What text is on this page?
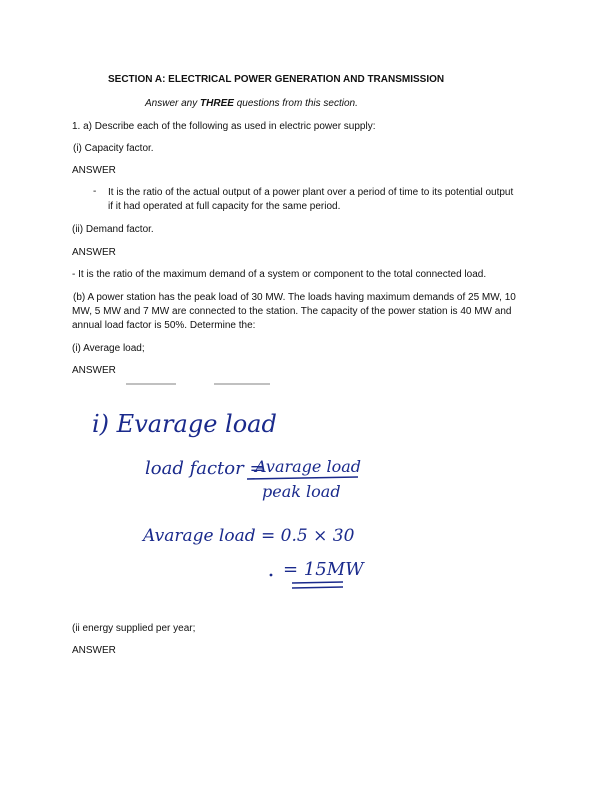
SECTION A: ELECTRICAL POWER GENERATION AND TRANSMISSION
Answer any THREE questions from this section.
1. a) Describe each of the following as used in electric power supply:
(i) Capacity factor.
ANSWER
- It is the ratio of the actual output of a power plant over a period of time to its potential output
if it had operated at full capacity for the same period.
(ii) Demand factor.
ANSWER
- It is the ratio of the maximum demand of a system or component to the total connected load.
(b) A power station has the peak load of 30 MW. The loads having maximum demands of 25 MW, 10
MW, 5 MW and 7 MW are connected to the station. The capacity of the power station is 40 MW and
annual load factor is 50%. Determine the:
(i) Average load;
ANSWER
i) Evarage load
load factor =
Avarage load
peak load
Avarage load = 0.5 × 30
= 15MW
(ii energy supplied per year;
ANSWER
